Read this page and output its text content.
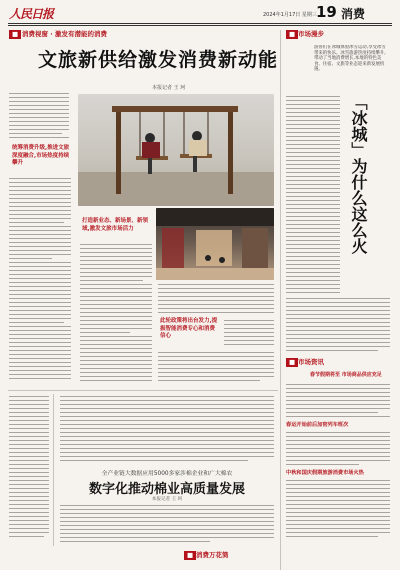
人民日报	2024年1月17日 星期三 19 消费
■ 消费视窗 · 激发有潜能的消费
文旅新供给激发消费新动能
本报记者 王 珂
统筹消费升级,推进文旅深度融合,市场热度持续攀升
打造新业态、新场景、新领域,激发文旅市场活力
此轮政策将出台发力,提振智能消费专心和消费信心
■ 市场漫步
游客们在冰城体验冰雪运动,享受冰雪带来的快乐。冰雪旅游热度持续攀升,带动了当地消费增长,本地的特色美食、住宿、文旅等业态迎来新发展机遇。
「冰城」为什么这么火
■ 市场资讯
春节假期将至 市场商品供应充足
春运开始前后加密列车班次
中秋和国庆假期旅游消费市场火热
全产业链大数据应用5000多家涉棉企业和广大棉农
数字化推动棉业高质量发展
本报记者 王 珂
■ 消费万花筒
